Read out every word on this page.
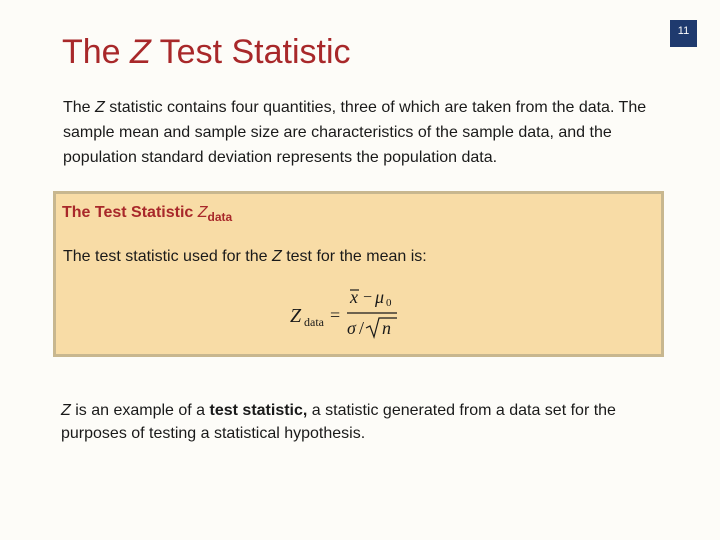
11
The Z Test Statistic

The Z statistic contains four quantities, three of which are taken from the data. The sample mean and sample size are characteristics of the sample data, and the population standard deviation represents the population data.

The Test Statistic $Z_{data}$

The test statistic used for the Z test for the mean is:

Z data =
x − μ 0
σ / n

Z is an example of a test statistic, a statistic generated from a data set for the purposes of testing a statistical hypothesis.
